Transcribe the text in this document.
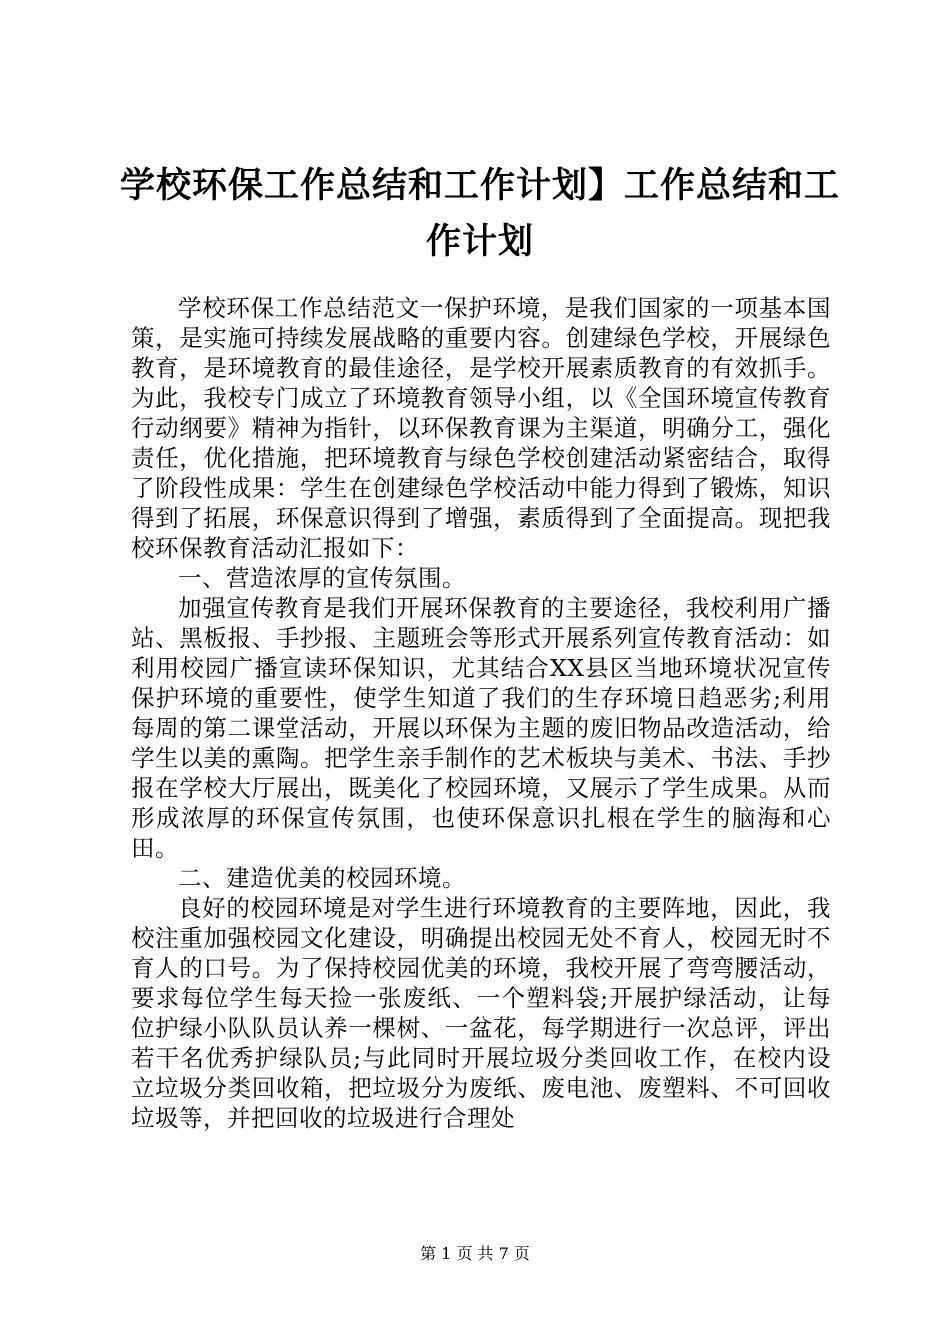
学校环保工作总结和工作计划】工作总结和工作计划

学校环保工作总结范文一保护环境，是我们国家的一项基本国策，是实施可持续发展战略的重要内容。创建绿色学校，开展绿色教育，是环境教育的最佳途径，是学校开展素质教育的有效抓手。为此，我校专门成立了环境教育领导小组，以《全国环境宣传教育行动纲要》精神为指针，以环保教育课为主渠道，明确分工，强化责任，优化措施，把环境教育与绿色学校创建活动紧密结合，取得了阶段性成果：学生在创建绿色学校活动中能力得到了锻炼，知识得到了拓展，环保意识得到了增强，素质得到了全面提高。现把我校环保教育活动汇报如下：

一、营造浓厚的宣传氛围。

加强宣传教育是我们开展环保教育的主要途径，我校利用广播站、黑板报、手抄报、主题班会等形式开展系列宣传教育活动：如利用校园广播宣读环保知识，尤其结合XX县区当地环境状况宣传保护环境的重要性，使学生知道了我们的生存环境日趋恶劣;利用每周的第二课堂活动，开展以环保为主题的废旧物品改造活动，给学生以美的熏陶。把学生亲手制作的艺术板块与美术、书法、手抄报在学校大厅展出，既美化了校园环境，又展示了学生成果。从而形成浓厚的环保宣传氛围，也使环保意识扎根在学生的脑海和心田。

二、建造优美的校园环境。

良好的校园环境是对学生进行环境教育的主要阵地，因此，我校注重加强校园文化建设，明确提出校园无处不育人，校园无时不育人的口号。为了保持校园优美的环境，我校开展了弯弯腰活动，要求每位学生每天捡一张废纸、一个塑料袋;开展护绿活动，让每位护绿小队队员认养一棵树、一盆花，每学期进行一次总评，评出若干名优秀护绿队员;与此同时开展垃圾分类回收工作，在校内设立垃圾分类回收箱，把垃圾分为废纸、废电池、废塑料、不可回收垃圾等，并把回收的垃圾进行合理处

第 1 页 共 7 页
